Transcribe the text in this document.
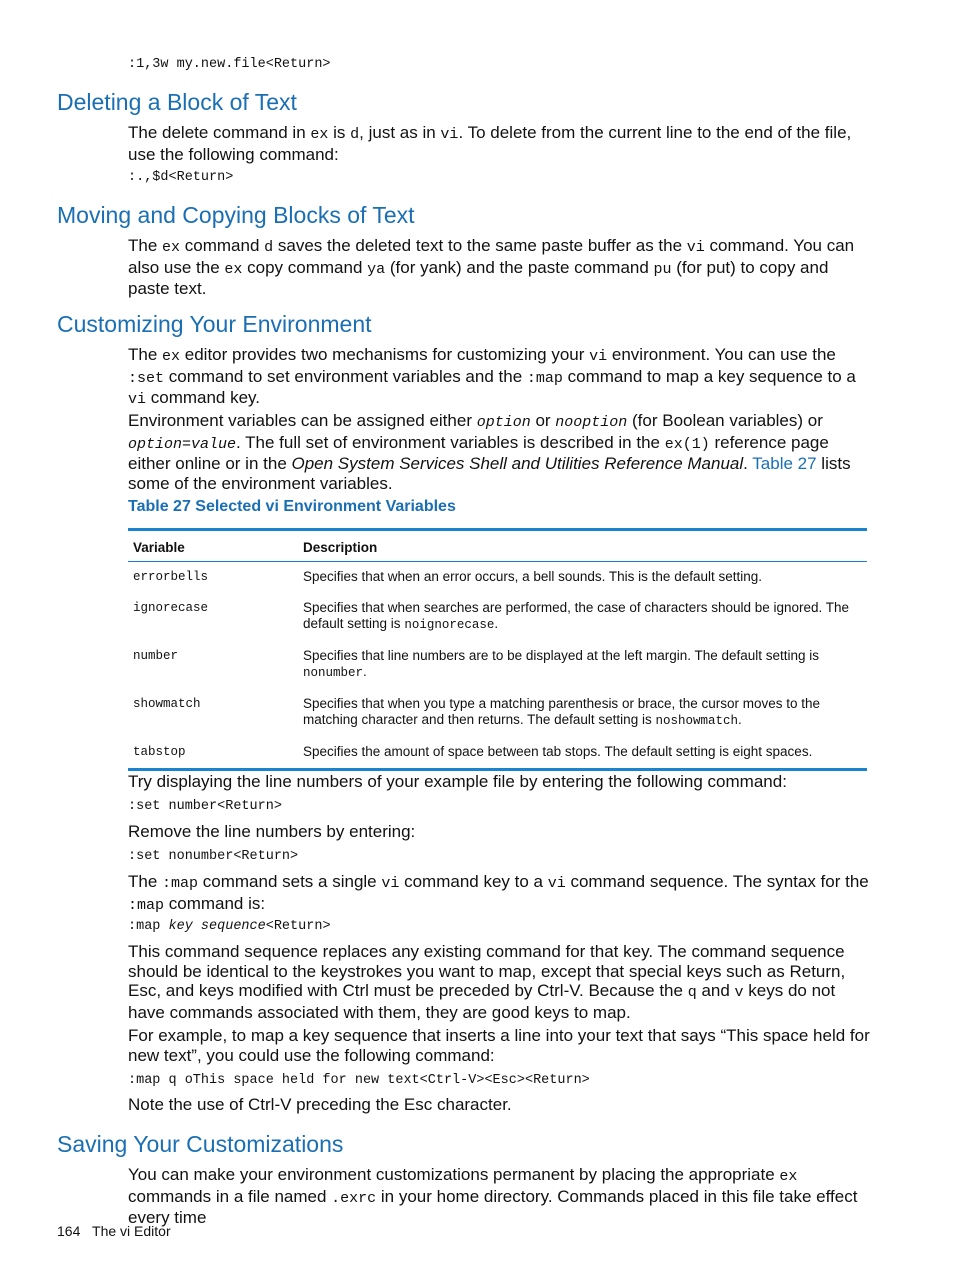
:1,3w my.new.file<Return>
Deleting a Block of Text

The delete command in ex is d, just as in vi. To delete from the current line to the end of the file, use the following command:

:.,$d<Return>
Moving and Copying Blocks of Text

The ex command d saves the deleted text to the same paste buffer as the vi command. You can also use the ex copy command ya (for yank) and the paste command pu (for put) to copy and paste text.

Customizing Your Environment

The ex editor provides two mechanisms for customizing your vi environment. You can use the :set command to set environment variables and the :map command to map a key sequence to a vi command key.

Environment variables can be assigned either option or nooption (for Boolean variables) or option=value. The full set of environment variables is described in the ex(1) reference page either online or in the Open System Services Shell and Utilities Reference Manual. Table 27 lists some of the environment variables.

Table 27 Selected vi Environment Variables
Variable	Description
errorbells	Specifies that when an error occurs, a bell sounds. This is the default setting.
ignorecase	Specifies that when searches are performed, the case of characters should be ignored. The default setting is noignorecase.
number	Specifies that line numbers are to be displayed at the left margin. The default setting is nonumber.
showmatch	Specifies that when you type a matching parenthesis or brace, the cursor moves to the matching character and then returns. The default setting is noshowmatch.
tabstop	Specifies the amount of space between tab stops. The default setting is eight spaces.

Try displaying the line numbers of your example file by entering the following command:

:set number<Return>

Remove the line numbers by entering:

:set nonumber<Return>

The :map command sets a single vi command key to a vi command sequence. The syntax for the :map command is:

:map key sequence<Return>

This command sequence replaces any existing command for that key. The command sequence should be identical to the keystrokes you want to map, except that special keys such as Return, Esc, and keys modified with Ctrl must be preceded by Ctrl-V. Because the q and v keys do not have commands associated with them, they are good keys to map.

For example, to map a key sequence that inserts a line into your text that says “This space held for new text”, you could use the following command:

:map q oThis space held for new text<Ctrl-V><Esc><Return>

Note the use of Ctrl-V preceding the Esc character.

Saving Your Customizations

You can make your environment customizations permanent by placing the appropriate ex commands in a file named .exrc in your home directory. Commands placed in this file take effect every time

164 The vi Editor
